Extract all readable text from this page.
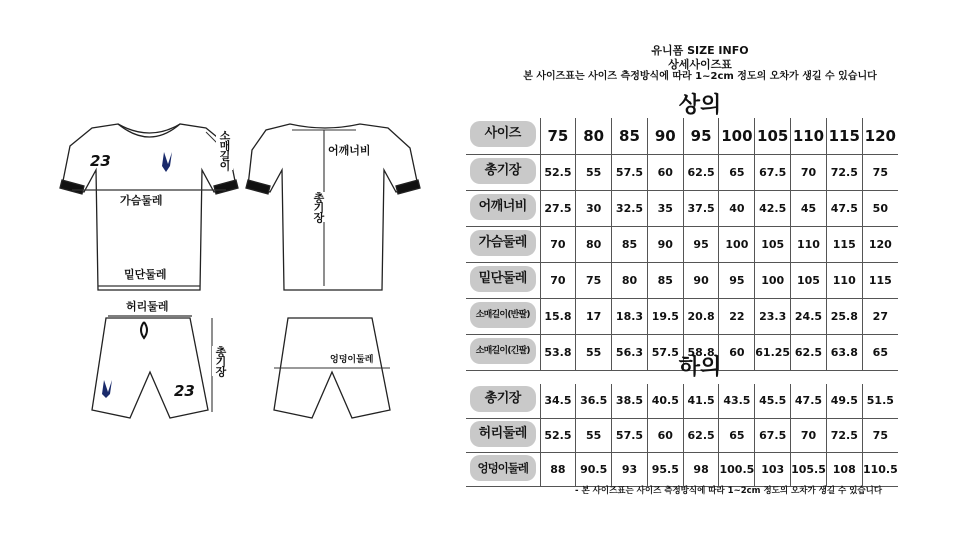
23
23
가슴둘레
밑단둘레
소매길이	어깨너비
총기장
허리둘레
총기장	엉덩이둘레
유니폼 SIZE INFO
상세사이즈표
본 사이즈표는 사이즈 측정방식에 따라 1~2cm 정도의 오차가 생길 수 있습니다
상의
사이즈	75	80	85	90	95	100	105	110	115	120
총기장	52.5	55	57.5	60	62.5	65	67.5	70	72.5	75
어깨너비	27.5	30	32.5	35	37.5	40	42.5	45	47.5	50
가슴둘레	70	80	85	90	95	100	105	110	115	120
밑단둘레	70	75	80	85	90	95	100	105	110	115
소매길이(반팔)	15.8	17	18.3	19.5	20.8	22	23.3	24.5	25.8	27
소매길이(긴팔)	53.8	55	56.3	57.5	58.8	60	61.25	62.5	63.8	65
하의
총기장	34.5	36.5	38.5	40.5	41.5	43.5	45.5	47.5	49.5	51.5
허리둘레	52.5	55	57.5	60	62.5	65	67.5	70	72.5	75
엉덩이둘레	88	90.5	93	95.5	98	100.5	103	105.5	108	110.5
- 본 사이즈표는 사이즈 측정방식에 따라 1~2cm 정도의 오차가 생길 수 있습니다
